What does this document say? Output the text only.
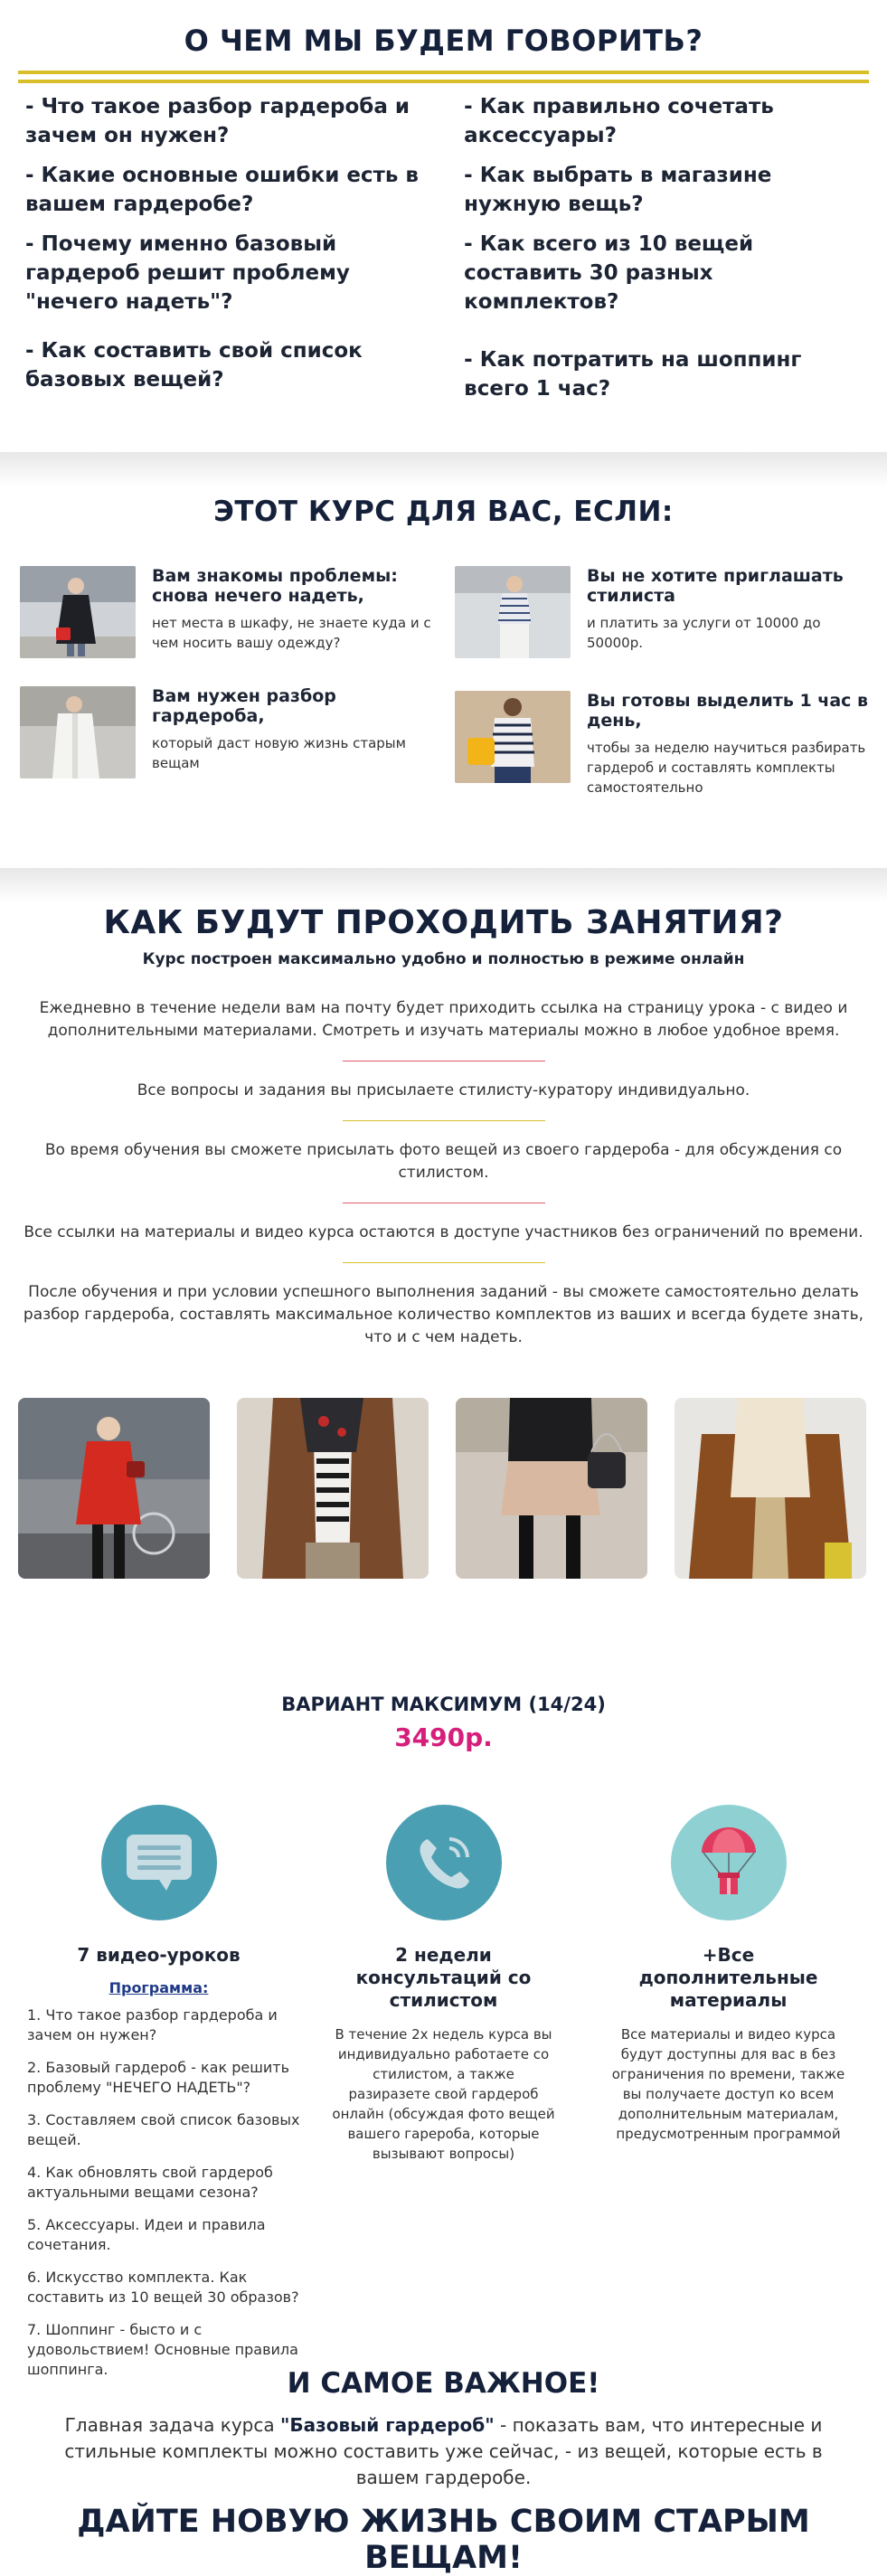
О ЧЕМ МЫ БУДЕМ ГОВОРИТЬ?
- Что такое разбор гардероба и зачем он нужен?
- Какие основные ошибки есть в вашем гардеробе?
- Почему именно базовый гардероб решит проблему "нечего надеть"?
- Как составить свой список базовых вещей?
- Как правильно сочетать аксессуары?
- Как выбрать в магазине нужную вещь?
- Как всего из 10 вещей составить 30 разных комплектов?
- Как потратить на шоппинг всего 1 час?
ЭТОТ КУРС ДЛЯ ВАС, ЕСЛИ:
Вам знакомы проблемы: снова нечего надеть,
нет места в шкафу, не знаете куда и с чем носить вашу одежду?
Вы не хотите приглашать стилиста
и платить за услуги от 10000 до 50000р.
Вам нужен разбор гардероба,
который даст новую жизнь старым вещам
Вы готовы выделить 1 час в день,
чтобы за неделю научиться разбирать гардероб и составлять комплекты самостоятельно
КАК БУДУТ ПРОХОДИТЬ ЗАНЯТИЯ?
Курс построен максимально удобно и полностью в режиме онлайн
Ежедневно в течение недели вам на почту будет приходить ссылка на страницу урока - с видео и дополнительными материалами. Смотреть и изучать материалы можно в любое удобное время.
Все вопросы и задания вы присылаете стилисту-куратору индивидуально.
Во время обучения вы сможете присылать фото вещей из своего гардероба - для обсуждения со стилистом.
Все ссылки на материалы и видео курса остаются в доступе участников без ограничений по времени.
После обучения и при условии успешного выполнения заданий - вы сможете самостоятельно делать разбор гардероба, составлять максимальное количество комплектов из ваших и всегда будете знать, что и с чем надеть.
ВАРИАНТ МАКСИМУМ (14/24)
3490р.
7 видео-уроков
Программа:
1. Что такое разбор гардероба и зачем он нужен?
2. Базовый гардероб - как решить проблему "НЕЧЕГО НАДЕТЬ"?
3. Составляем свой список базовых вещей.
4. Как обновлять свой гардероб актуальными вещами сезона?
5. Аксессуары. Идеи и правила сочетания.
6. Искусство комплекта. Как составить из 10 вещей 30 образов?
7. Шоппинг - бысто и с удовольствием! Основные правила шоппинга.
2 недели консультаций со стилистом
В течение 2х недель курса вы индивидуально работаете со стилистом, а также разиразете свой гардероб онлайн (обсуждая фото вещей вашего гарероба, которые вызывают вопросы)
+Все дополнительные материалы
Все материалы и видео курса будут доступны для вас в без ограничения по времени, также вы получаете доступ ко всем дополнительным материалам, предусмотренным программой
И САМОЕ ВАЖНОЕ!
Главная задача курса "Базовый гардероб" - показать вам, что интересные и стильные комплекты можно составить уже сейчас, - из вещей, которые есть в вашем гардеробе.
ДАЙТЕ НОВУЮ ЖИЗНЬ СВОИМ СТАРЫМ ВЕЩАМ!
